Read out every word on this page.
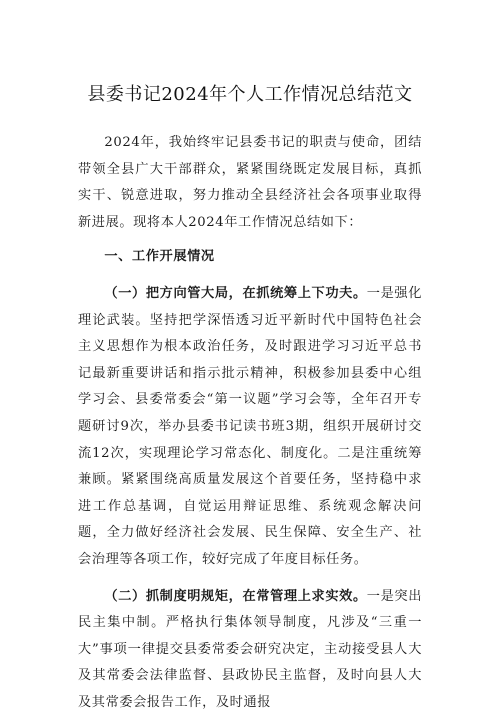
县委书记2024年个人工作情况总结范文

2024年，我始终牢记县委书记的职责与使命，团结带领全县广大干部群众，紧紧围绕既定发展目标，真抓实干、锐意进取，努力推动全县经济社会各项事业取得新进展。现将本人2024年工作情况总结如下：

一、工作开展情况

（一）把方向管大局，在抓统筹上下功夫。一是强化理论武装。坚持把学深悟透习近平新时代中国特色社会主义思想作为根本政治任务，及时跟进学习习近平总书记最新重要讲话和指示批示精神，积极参加县委中心组学习会、县委常委会“第一议题”学习会等，全年召开专题研讨9次，举办县委书记读书班3期，组织开展研讨交流12次，实现理论学习常态化、制度化。二是注重统筹兼顾。紧紧围绕高质量发展这个首要任务，坚持稳中求进工作总基调，自觉运用辩证思维、系统观念解决问题，全力做好经济社会发展、民生保障、安全生产、社会治理等各项工作，较好完成了年度目标任务。

（二）抓制度明规矩，在常管理上求实效。一是突出民主集中制。严格执行集体领导制度，凡涉及“三重一大”事项一律提交县委常委会研究决定，主动接受县人大及其常委会法律监督、县政协民主监督，及时向县人大及其常委会报告工作，及时通报
